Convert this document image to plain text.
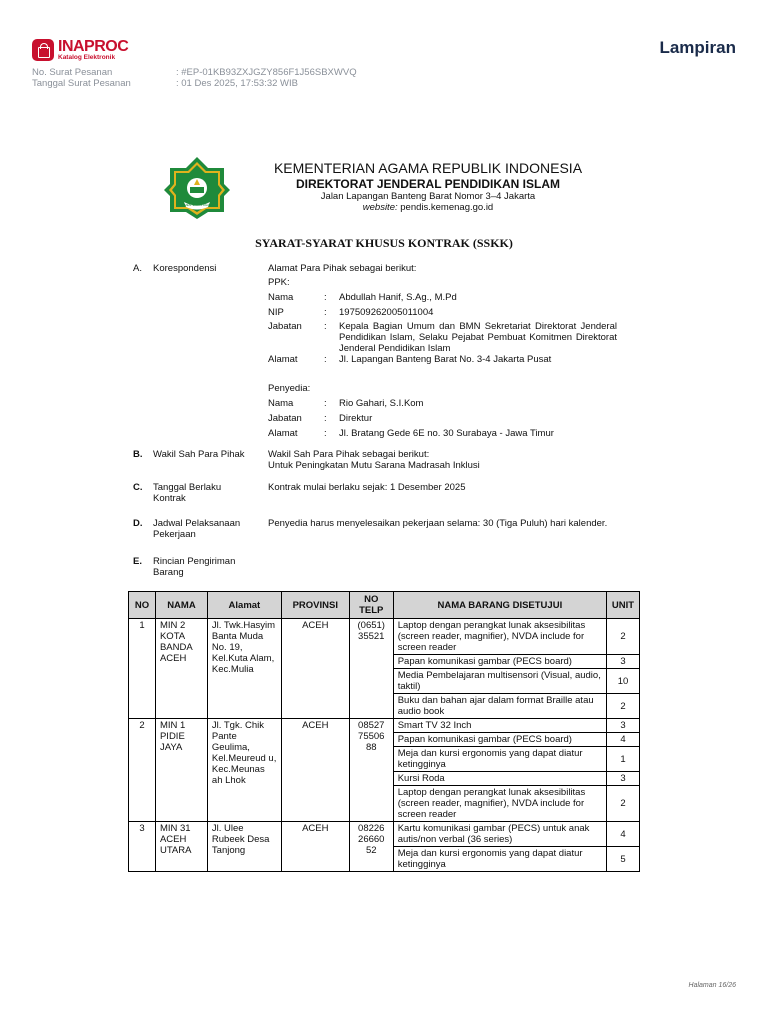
INAPROC
Katalog Elektronik
Lampiran
No. Surat Pesanan	: #EP-01KB93ZXJGZY856F1J56SBXWVQ
Tanggal Surat Pesanan	: 01 Des 2025, 17:53:32 WIB
KEMENTERIAN AGAMA
KEMENTERIAN AGAMA REPUBLIK INDONESIA
DIREKTORAT JENDERAL PENDIDIKAN ISLAM
Jalan Lapangan Banteng Barat Nomor 3–4 Jakarta
website: pendis.kemenag.go.id
SYARAT-SYARAT KHUSUS KONTRAK (SSKK)
A. Korespondensi	Alamat Para Pihak sebagai berikut:
PPK:
Nama	: Abdullah Hanif, S.Ag., M.Pd
NIP	: 197509262005011004
Jabatan : Kepala Bagian Umum dan BMN Sekretariat Direktorat Jenderal Pendidikan Islam, Selaku Pejabat Pembuat Komitmen Direktorat Jenderal Pendidikan Islam
Alamat	: Jl. Lapangan Banteng Barat No. 3-4 Jakarta Pusat
Penyedia:
Nama	: Rio Gahari, S.I.Kom
Jabatan : Direktur
Alamat	: Jl. Bratang Gede 6E no. 30 Surabaya - Jawa Timur
B. Wakil Sah Para Pihak Wakil Sah Para Pihak sebagai berikut:
Untuk Peningkatan Mutu Sarana Madrasah Inklusi
C. Tanggal Berlaku Kontrak
Kontrak mulai berlaku sejak: 1 Desember 2025
D. Jadwal Pelaksanaan Pekerjaan
Penyedia harus menyelesaikan pekerjaan selama: 30 (Tiga Puluh) hari kalender.
E. Rincian Pengiriman Barang
NO	NAMA	Alamat	PROVINSI	NO TELP	NAMA BARANG DISETUJUI	UNIT
1	MIN 2 KOTA BANDA ACEH	Jl. Twk.Hasyim Banta Muda No. 19, Kel.Kuta Alam, Kec.Mulia	ACEH	(0651) 35521	Laptop dengan perangkat lunak aksesibilitas (screen reader, magnifier), NVDA include for screen reader	2
					Papan komunikasi gambar (PECS board)	3
					Media Pembelajaran multisensori (Visual, audio, taktil)	10
					Buku dan bahan ajar dalam format Braille atau audio book	2
2	MIN 1 PIDIE JAYA	Jl. Tgk. Chik Pante Geulima, Kel.Meureud u, Kec.Meunas ah Lhok	ACEH	08527 75506 88	Smart TV 32 Inch	3
					Papan komunikasi gambar (PECS board)	4
					Meja dan kursi ergonomis yang dapat diatur ketingginya	1
					Kursi Roda	3
					Laptop dengan perangkat lunak aksesibilitas (screen reader, magnifier), NVDA include for screen reader	2
3	MIN 31 ACEH UTARA	Jl. Ulee Rubeek Desa Tanjong	ACEH	08226 26660 52	Kartu komunikasi gambar (PECS) untuk anak autis/non verbal (36 series)	4
					Meja dan kursi ergonomis yang dapat diatur ketingginya	5
Halaman 16/26
